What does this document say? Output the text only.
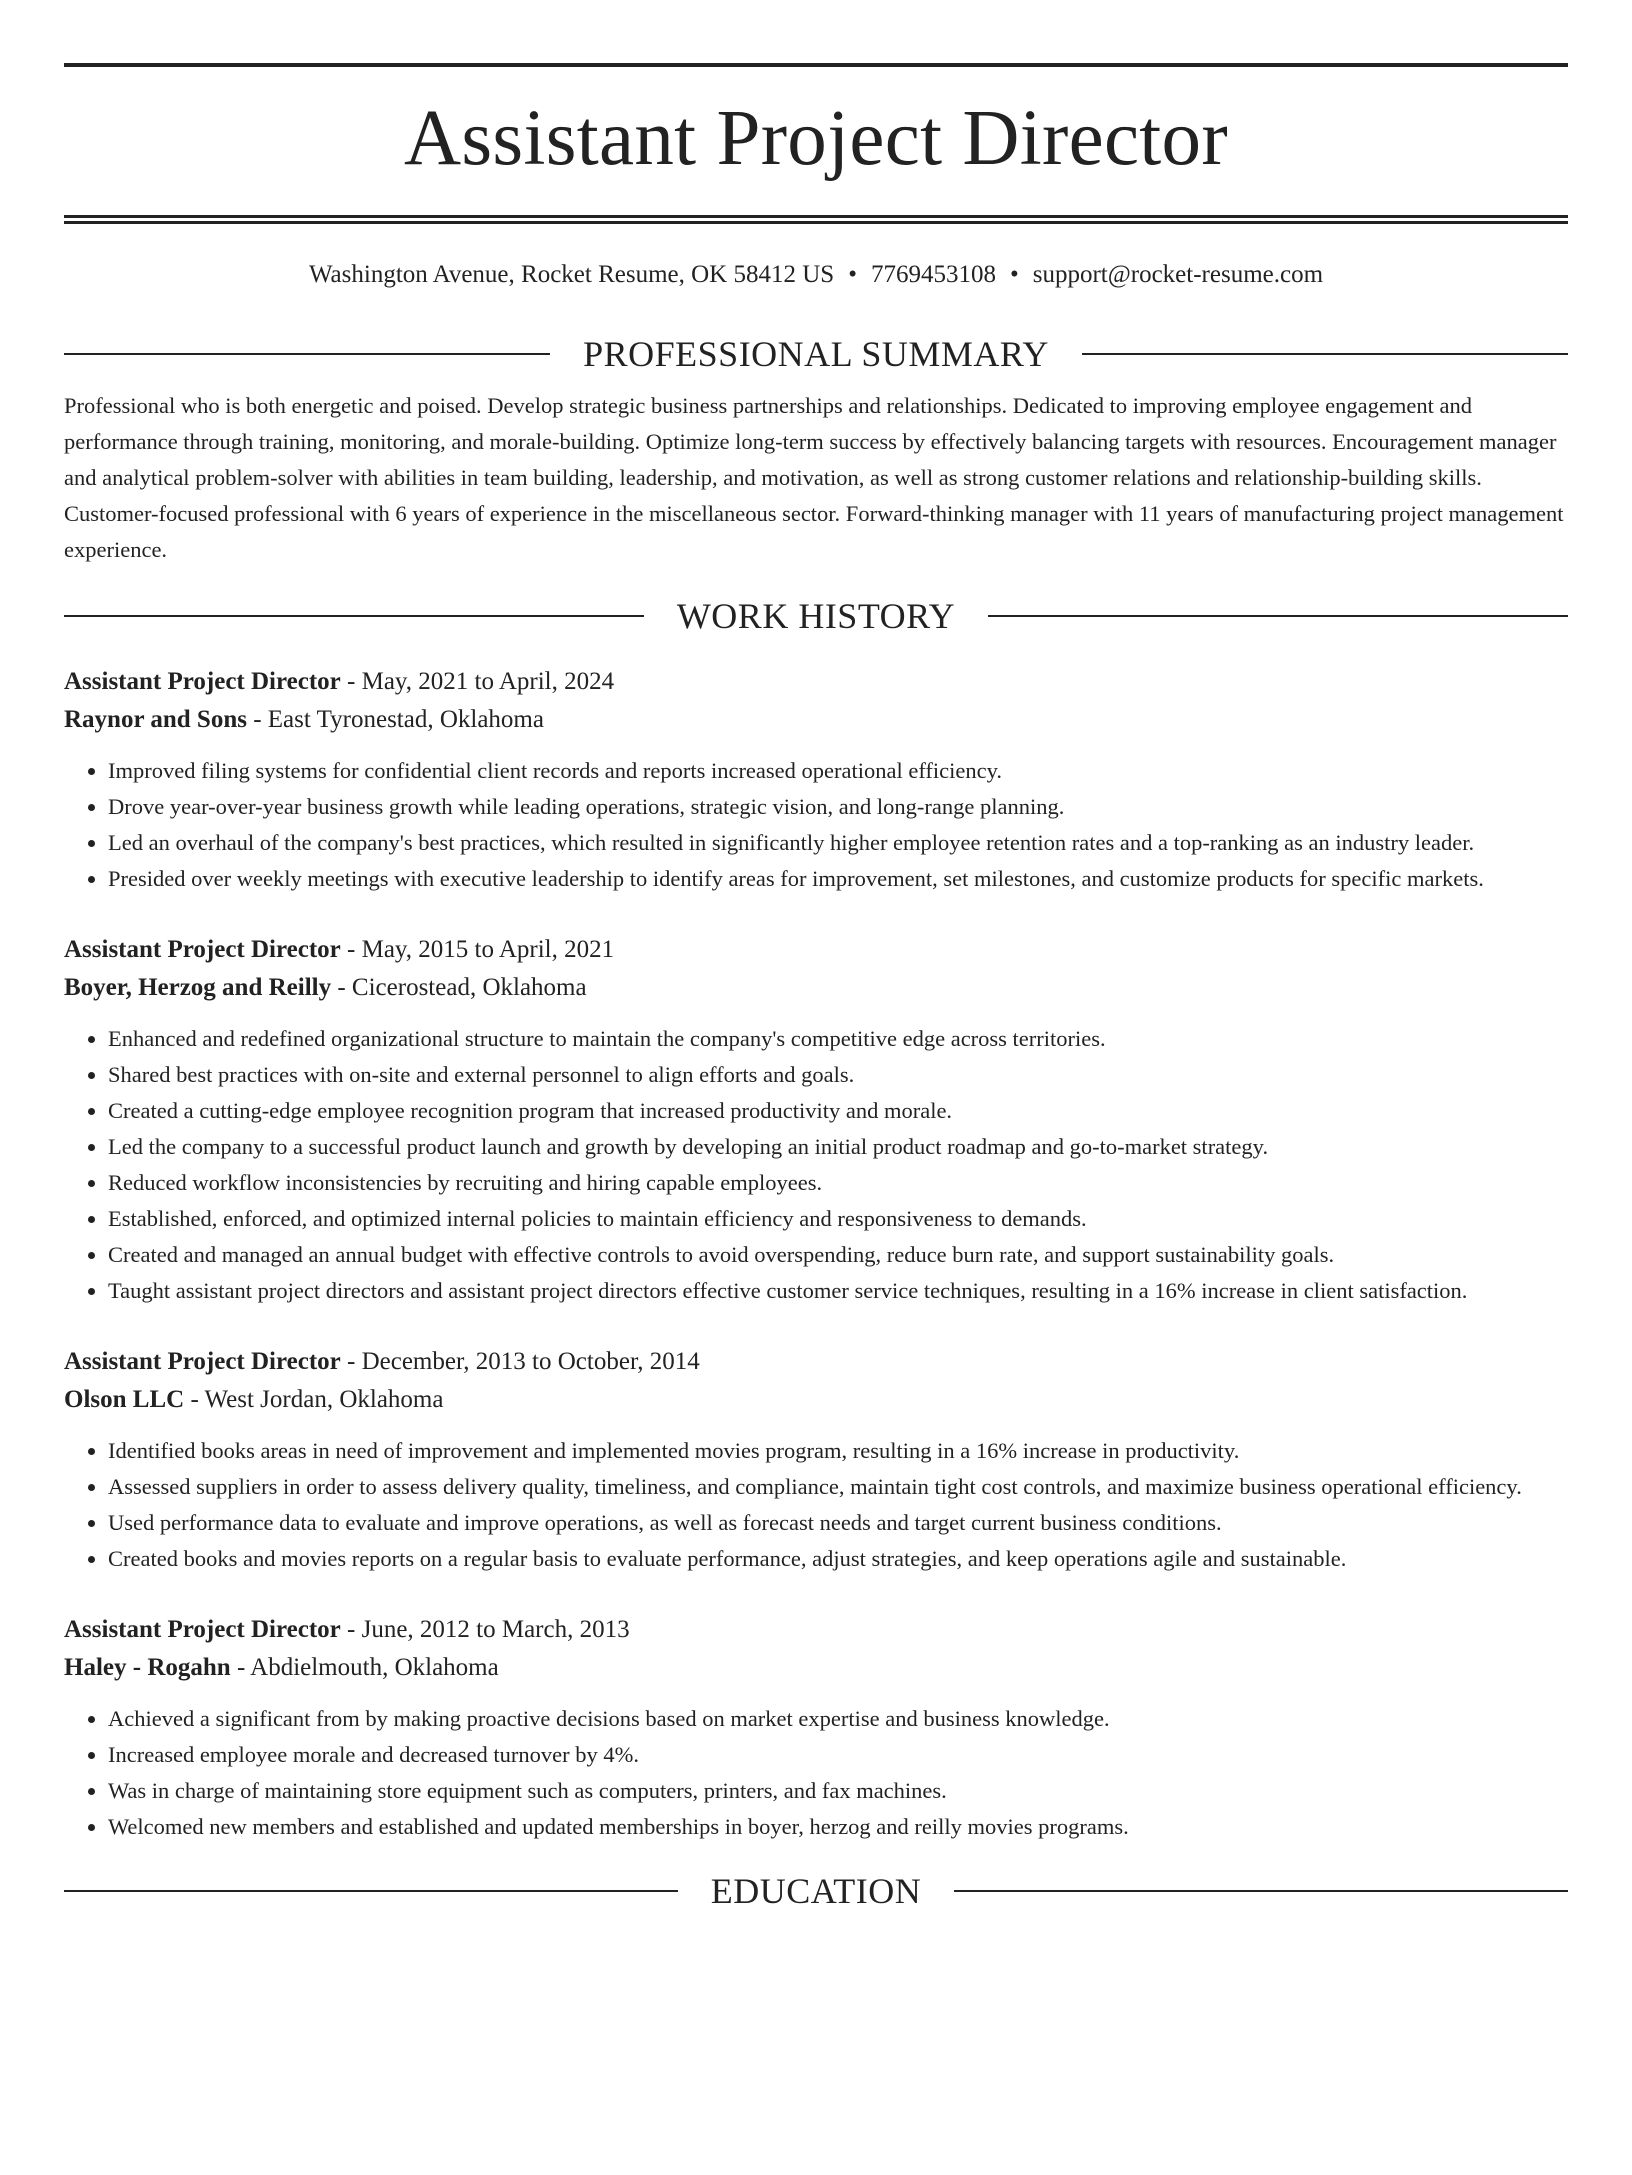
Assistant Project Director
Washington Avenue, Rocket Resume, OK 58412 US • 7769453108 • support@rocket-resume.com
PROFESSIONAL SUMMARY

Professional who is both energetic and poised. Develop strategic business partnerships and relationships. Dedicated to improving employee engagement and performance through training, monitoring, and morale-building. Optimize long-term success by effectively balancing targets with resources. Encouragement manager and analytical problem-solver with abilities in team building, leadership, and motivation, as well as strong customer relations and relationship-building skills. Customer-focused professional with 6 years of experience in the miscellaneous sector. Forward-thinking manager with 11 years of manufacturing project management experience.

WORK HISTORY
Assistant Project Director - May, 2021 to April, 2024
Raynor and Sons - East Tyronestad, Oklahoma
• Improved filing systems for confidential client records and reports increased operational efficiency.
• Drove year-over-year business growth while leading operations, strategic vision, and long-range planning.
• Led an overhaul of the company's best practices, which resulted in significantly higher employee retention rates and a top-ranking as an industry leader.
• Presided over weekly meetings with executive leadership to identify areas for improvement, set milestones, and customize products for specific markets.
Assistant Project Director - May, 2015 to April, 2021
Boyer, Herzog and Reilly - Cicerostead, Oklahoma
• Enhanced and redefined organizational structure to maintain the company's competitive edge across territories.
• Shared best practices with on-site and external personnel to align efforts and goals.
• Created a cutting-edge employee recognition program that increased productivity and morale.
• Led the company to a successful product launch and growth by developing an initial product roadmap and go-to-market strategy.
• Reduced workflow inconsistencies by recruiting and hiring capable employees.
• Established, enforced, and optimized internal policies to maintain efficiency and responsiveness to demands.
• Created and managed an annual budget with effective controls to avoid overspending, reduce burn rate, and support sustainability goals.
• Taught assistant project directors and assistant project directors effective customer service techniques, resulting in a 16% increase in client satisfaction.
Assistant Project Director - December, 2013 to October, 2014
Olson LLC - West Jordan, Oklahoma
• Identified books areas in need of improvement and implemented movies program, resulting in a 16% increase in productivity.
• Assessed suppliers in order to assess delivery quality, timeliness, and compliance, maintain tight cost controls, and maximize business operational efficiency.
• Used performance data to evaluate and improve operations, as well as forecast needs and target current business conditions.
• Created books and movies reports on a regular basis to evaluate performance, adjust strategies, and keep operations agile and sustainable.
Assistant Project Director - June, 2012 to March, 2013
Haley - Rogahn - Abdielmouth, Oklahoma
• Achieved a significant from by making proactive decisions based on market expertise and business knowledge.
• Increased employee morale and decreased turnover by 4%.
• Was in charge of maintaining store equipment such as computers, printers, and fax machines.
• Welcomed new members and established and updated memberships in boyer, herzog and reilly movies programs.
EDUCATION
